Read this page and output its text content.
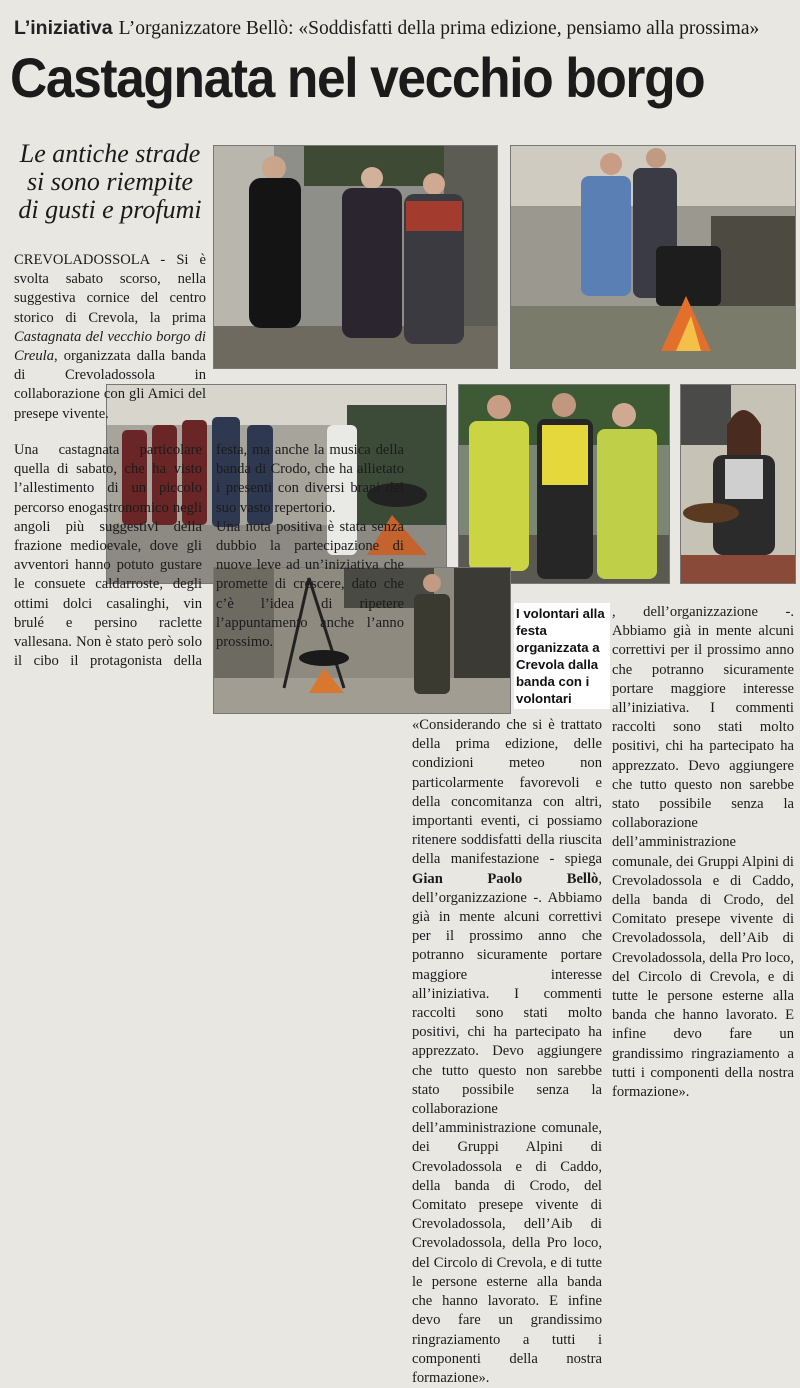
L’iniziativa L’organizzatore Bellò: «Soddisfatti della prima edizione, pensiamo alla prossima»
Castagnata nel vecchio borgo
Le antiche strade si sono riempite di gusti e profumi

CREVOLADOSSOLA - Si è svolta sabato scorso, nella suggestiva cornice del centro storico di Crevola, la prima Castagnata del vecchio borgo di Creula, organizzata dalla banda di Crevoladossola in collaborazione con gli Amici del presepe vivente.

Una castagnata particolare quella di sabato, che ha visto l’allestimento di un piccolo percorso enogastronomico negli angoli più suggestivi della frazione medioevale, dove gli avventori hanno potuto gustare le consuete caldarroste, degli ottimi dolci casalinghi, vin brulé e persino raclette vallesana. Non è stato però solo il cibo il protagonista della festa, ma anche la musica della banda di Crodo, che ha allietato i presenti con diversi brani del suo vasto repertorio.

Una nota positiva è stata senza dubbio la partecipazione di nuove leve ad un’iniziativa che promette di crescere, dato che c’è l’idea di ripetere l’appuntamento anche l’anno prossimo.

«Considerando che si è trattato della prima edizione, delle condizioni meteo non particolarmente favorevoli e della concomitanza con altri, importanti eventi, ci possiamo ritenere soddisfatti della riuscita della manifestazione - spiega Gian Paolo Bellò, dell’organizzazione -. Abbiamo già in mente alcuni correttivi per il prossimo anno che potranno sicuramente portare maggiore interesse all’iniziativa. I commenti raccolti sono stati molto positivi, chi ha partecipato ha apprezzato. Devo aggiungere che tutto questo non sarebbe stato possibile senza la collaborazione dell’amministrazione comunale, dei Gruppi Alpini di Crevoladossola e di Caddo, della banda di Crodo, del Comitato presepe vivente di Crevoladossola, dell’Aib di Crevoladossola, della Pro loco, del Circolo di Crevola, e di tutte le persone esterne alla banda che hanno lavorato. E infine devo fare un grandissimo ringraziamento a tutti i componenti della nostra formazione».

, dell’organizzazione -. Abbiamo già in mente alcuni correttivi per il prossimo anno che potranno sicuramente portare maggiore interesse all’iniziativa. I commenti raccolti sono stati molto positivi, chi ha partecipato ha apprezzato. Devo aggiungere che tutto questo non sarebbe stato possibile senza la collaborazione dell’amministrazione comunale, dei Gruppi Alpini di Crevoladossola e di Caddo, della banda di Crodo, del Comitato presepe vivente di Crevoladossola, dell’Aib di Crevoladossola, della Pro loco, del Circolo di Crevola, e di tutte le persone esterne alla banda che hanno lavorato. E infine devo fare un grandissimo ringraziamento a tutti i componenti della nostra formazione».

I volontari alla festa organizzata a Crevola dalla banda con i volontari
